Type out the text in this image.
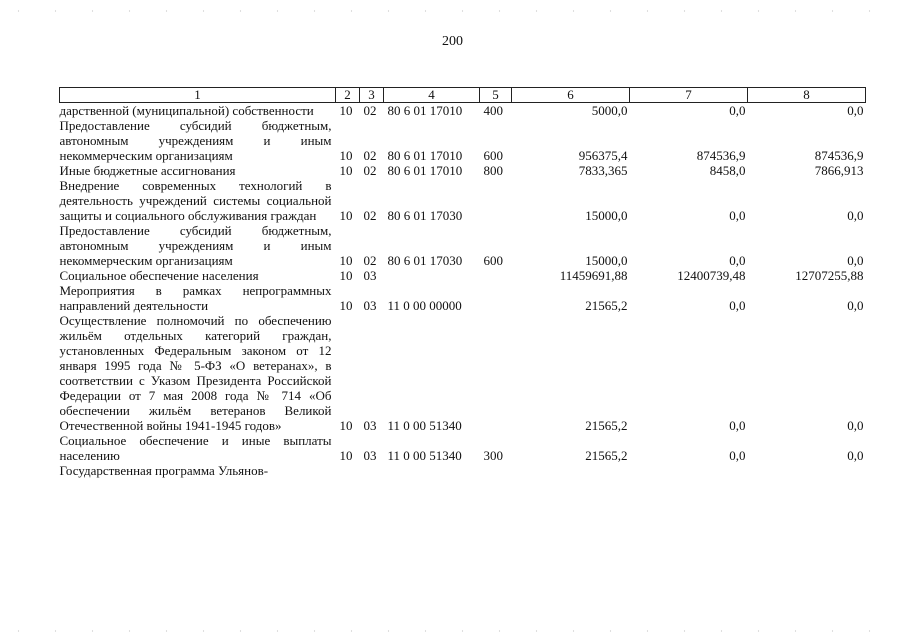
200
1	2	3	4	5	6	7	8
дарственной (муниципальной) собственности	10	02	80 6 01 17010	400	5000,0	0,0	0,0
Предоставление субсидий бюджетным, автономным учреждениям и иным некоммерческим организациям	10	02	80 6 01 17010	600	956375,4	874536,9	874536,9
Иные бюджетные ассигнования	10	02	80 6 01 17010	800	7833,365	8458,0	7866,913
Внедрение современных технологий в деятельность учреждений системы социальной защиты и социального обслуживания граждан	10	02	80 6 01 17030		15000,0	0,0	0,0
Предоставление субсидий бюджетным, автономным учреждениям и иным некоммерческим организациям	10	02	80 6 01 17030	600	15000,0	0,0	0,0
Социальное обеспечение населения	10	03			11459691,88	12400739,48	12707255,88
Мероприятия в рамках непрограммных направлений деятельности	10	03	11 0 00 00000		21565,2	0,0	0,0
Осуществление полномочий по обеспечению жильём отдельных категорий граждан, установленных Федеральным законом от 12 января 1995 года № 5-ФЗ «О ветеранах», в соответствии с Указом Президента Российской Федерации от 7 мая 2008 года № 714 «Об обеспечении жильём ветеранов Великой Отечественной войны 1941-1945 годов»	10	03	11 0 00 51340		21565,2	0,0	0,0
Социальное обеспечение и иные выплаты населению	10	03	11 0 00 51340	300	21565,2	0,0	0,0
Государственная программа Ульянов-							
